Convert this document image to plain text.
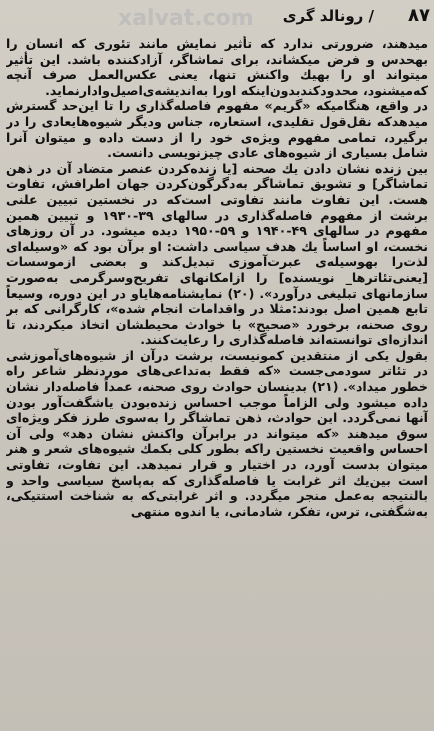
۸۷
/ رونالد گری
xalvat.com

میدهند، ضرورتی ندارد که تأثیر نمایش مانند تئوری که انسان را بهحدس و فرض میکشاند، برای تماشاگر، آزادکننده باشد. این تأثیر میتواند او را بهیك واکنش تنها، یعنی عکس‌العمل صرف آنچه که‌میشنود، محدودکندبدون‌اینکه اورا به‌اندیشه‌ی‌اصیل‌وادار‌نماید.

در واقع، هنگامیکه «گریم» مفهوم فاصله‌گذاری را تا این‌حد گسترش میدهدکه نقل‌قول تقلیدی، استعاره، جناس ودیگر شیوه‌هایعادی را در برگیرد، تمامی مفهوم ویژه‌ی خود را از دست داده و میتوان آنرا شامل بسیاری از شیوه‌های عادی چیزنویسی دانست.

بین زنده نشان دادن یك صحنه [یا زنده‌کردن عنصر متضاد آن در ذهن تماشاگر] و تشویق تماشاگر به‌دگرگون‌کردن جهان اطرافش، تفاوت هست. این تفاوت مانند تفاوتی است‌که در نخستین تبیین علنی برشت از مفهوم فاصله‌گذاری در سالهای ۳۹-۱۹۳۰ و تبیین همین مفهوم در سالهای ۴۹-۱۹۴۰ و ۵۹-۱۹۵۰ دیده میشود. در آن روزهای نخست، او اساساً یك هدف سیاسی داشت: او برآن بود که «وسیله‌ای لذت‌را بهوسیله‌ی عبرت‌آموزی تبدیل‌کند و بعضی ازموسسات [یعنی‌تئاترها_ نویسنده] را ازامکانهای تفریح‌وسرگرمی به‌صورت سازمانهای تبلیغی درآورد». (۲۰) نمایشنامه‌هایاو در این دوره، وسیعاً تابع همین اصل بودند:مثلا در واقدامات انجام شده»، کارگرانی که بر روی صحنه، برخورد «صحیح» با خوادث محیطشان اتخاذ میکردند، تا اندازه‌ای توانسته‌اند فاصله‌گذاری را رعایت‌کنند.

بقول یکی از منتقدین کمونیست، برشت درآن از شیوه‌های‌آموزشی در تئاتر سودمی‌جست «که فقط به‌تداعی‌های موردنظر شاعر راه خطور میداد». (۲۱) بدینسان حوادث روی صحنه، عمداً فاصله‌دار نشان داده میشود ولی الزاماً موجب احساس زنده‌بودن یاشگفت‌آور بودن آنها نمی‌گردد. این حوادث، ذهن تماشاگر را به‌سوی طرز فکر ویژه‌ای سوق میدهند «که میتواند در برابرآن واکنش نشان دهد» ولی آن احساس واقعیت نخستین راکه بطور کلی بکمك شیوه‌های شعر و هنر میتوان بدست آورد، در اختیار و قرار نمیدهد. این تفاوت، تفاوتی است بین‌یك اثر غرابت یا فاصله‌گذاری که به‌پاسخ سیاسی واحد و بالنتیجه به‌عمل منجر میگردد. و اثر غرابتی‌که به شناخت استتیکی، به‌شگفتی، ترس، تفکر، شادمانی، یا اندوه منتهی
